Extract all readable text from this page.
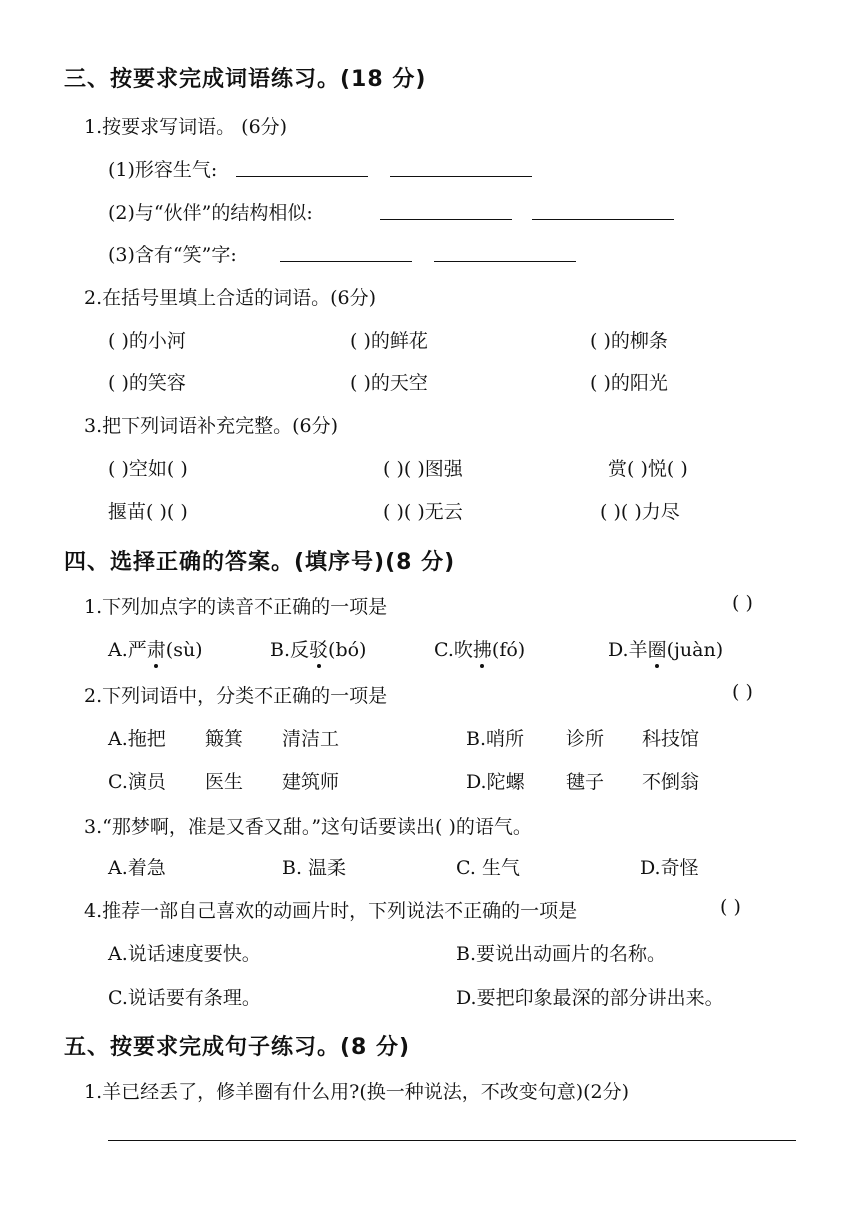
三、按要求完成词语练习。(18 分)
1.按要求写词语。 (6分)
(1)形容生气:
(2)与“伙伴”的结构相似:
(3)含有“笑”字:
2.在括号里填上合适的词语。(6分)
( )的小河	( )的鲜花	( )的柳条
( )的笑容	( )的天空	( )的阳光
3.把下列词语补充完整。(6分)
( )空如( )	( )( )图强	赏( )悦( )
揠苗( )( )	( )( )无云	( )( )力尽
四、选择正确的答案。(填序号)(8 分)
1.下列加点字的读音不正确的一项是	( )
A.严肃(sù)	B.反驳(bó)	C.吹拂(fó)	D.羊圈(juàn)
2.下列词语中，分类不正确的一项是	( )
A.拖把 簸箕 清洁工	B.哨所 诊所 科技馆
C.演员 医生 建筑师	D.陀螺 毽子 不倒翁
3.“那梦啊，准是又香又甜。”这句话要读出( )的语气。
A.着急	B. 温柔	C. 生气	D.奇怪
4.推荐一部自己喜欢的动画片时，下列说法不正确的一项是	( )
A.说话速度要快。	B.要说出动画片的名称。
C.说话要有条理。	D.要把印象最深的部分讲出来。
五、按要求完成句子练习。(8 分)
1.羊已经丢了，修羊圈有什么用?(换一种说法，不改变句意)(2分)
